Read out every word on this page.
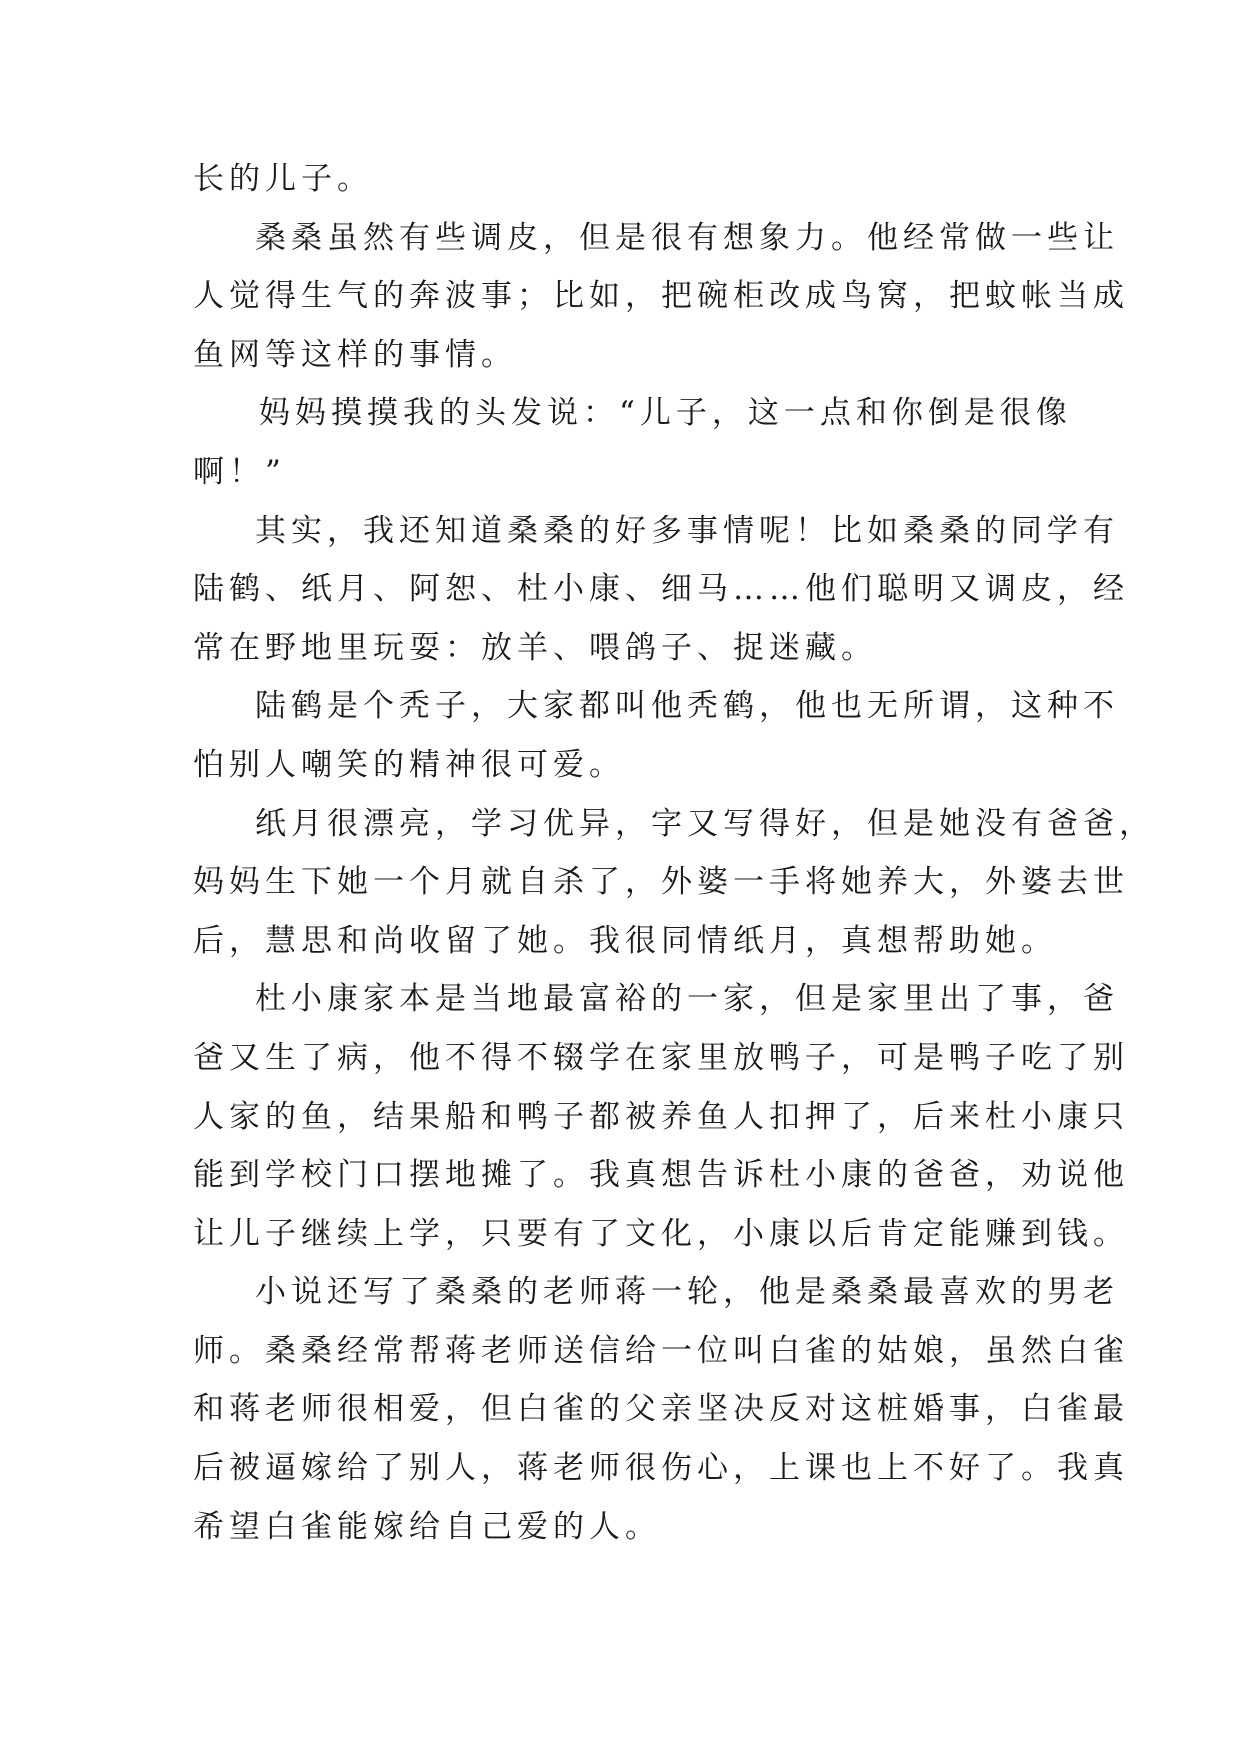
长的儿子。
桑桑虽然有些调皮，但是很有想象力。他经常做一些让
人觉得生气的奔波事；比如，把碗柜改成鸟窝，把蚊帐当成
鱼网等这样的事情。
妈妈摸摸我的头发说：“儿子，这一点和你倒是很像
啊！”
其实，我还知道桑桑的好多事情呢！比如桑桑的同学有
陆鹤、纸月、阿恕、杜小康、细马……他们聪明又调皮，经
常在野地里玩耍：放羊、喂鸽子、捉迷藏。
陆鹤是个秃子，大家都叫他秃鹤，他也无所谓，这种不
怕别人嘲笑的精神很可爱。
纸月很漂亮，学习优异，字又写得好，但是她没有爸爸，
妈妈生下她一个月就自杀了，外婆一手将她养大，外婆去世
后，慧思和尚收留了她。我很同情纸月，真想帮助她。
杜小康家本是当地最富裕的一家，但是家里出了事，爸
爸又生了病，他不得不辍学在家里放鸭子，可是鸭子吃了别
人家的鱼，结果船和鸭子都被养鱼人扣押了，后来杜小康只
能到学校门口摆地摊了。我真想告诉杜小康的爸爸，劝说他
让儿子继续上学，只要有了文化，小康以后肯定能赚到钱。
小说还写了桑桑的老师蒋一轮，他是桑桑最喜欢的男老
师。桑桑经常帮蒋老师送信给一位叫白雀的姑娘，虽然白雀
和蒋老师很相爱，但白雀的父亲坚决反对这桩婚事，白雀最
后被逼嫁给了别人，蒋老师很伤心，上课也上不好了。我真
希望白雀能嫁给自己爱的人。
